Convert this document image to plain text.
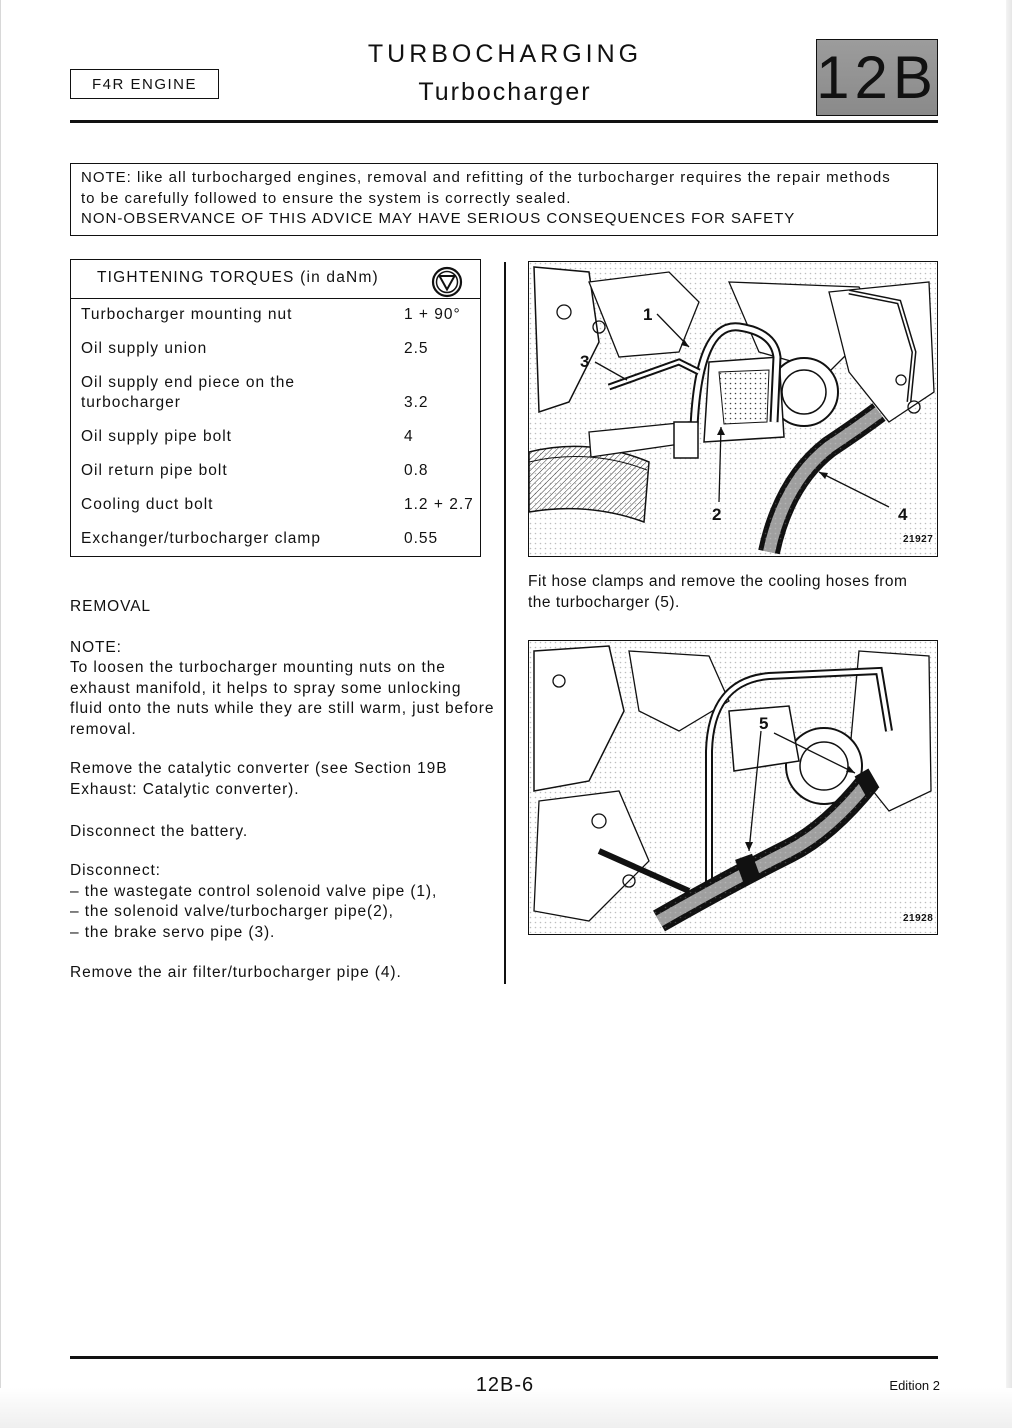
F4R ENGINE
TURBOCHARGING
Turbocharger	12B
NOTE: like all turbocharged engines, removal and refitting of the turbocharger requires the repair methods
to be carefully followed to ensure the system is correctly sealed.
NON-OBSERVANCE OF THIS ADVICE MAY HAVE SERIOUS CONSEQUENCES FOR SAFETY
TIGHTENING TORQUES (in daNm)
Turbocharger mounting nut	1 + 90°
Oil supply union	2.5
Oil supply end piece on the
turbocharger	3.2
Oil supply pipe bolt	4
Oil return pipe bolt	0.8
Cooling duct bolt	1.2 + 2.7
Exchanger/turbocharger clamp	0.55
REMOVAL
NOTE:
To loosen the turbocharger mounting nuts on the
exhaust manifold, it helps to spray some unlocking
fluid onto the nuts while they are still warm, just before
removal.
Remove the catalytic converter (see Section 19B
Exhaust: Catalytic converter).
Disconnect the battery.
Disconnect:
– the wastegate control solenoid valve pipe (1),
– the solenoid valve/turbocharger pipe(2),
– the brake servo pipe (3).
Remove the air filter/turbocharger pipe (4).
1
2
3
4
21927
Fit hose clamps and remove the cooling hoses from
the turbocharger (5).
5
21928
12B-6	Edition 2
